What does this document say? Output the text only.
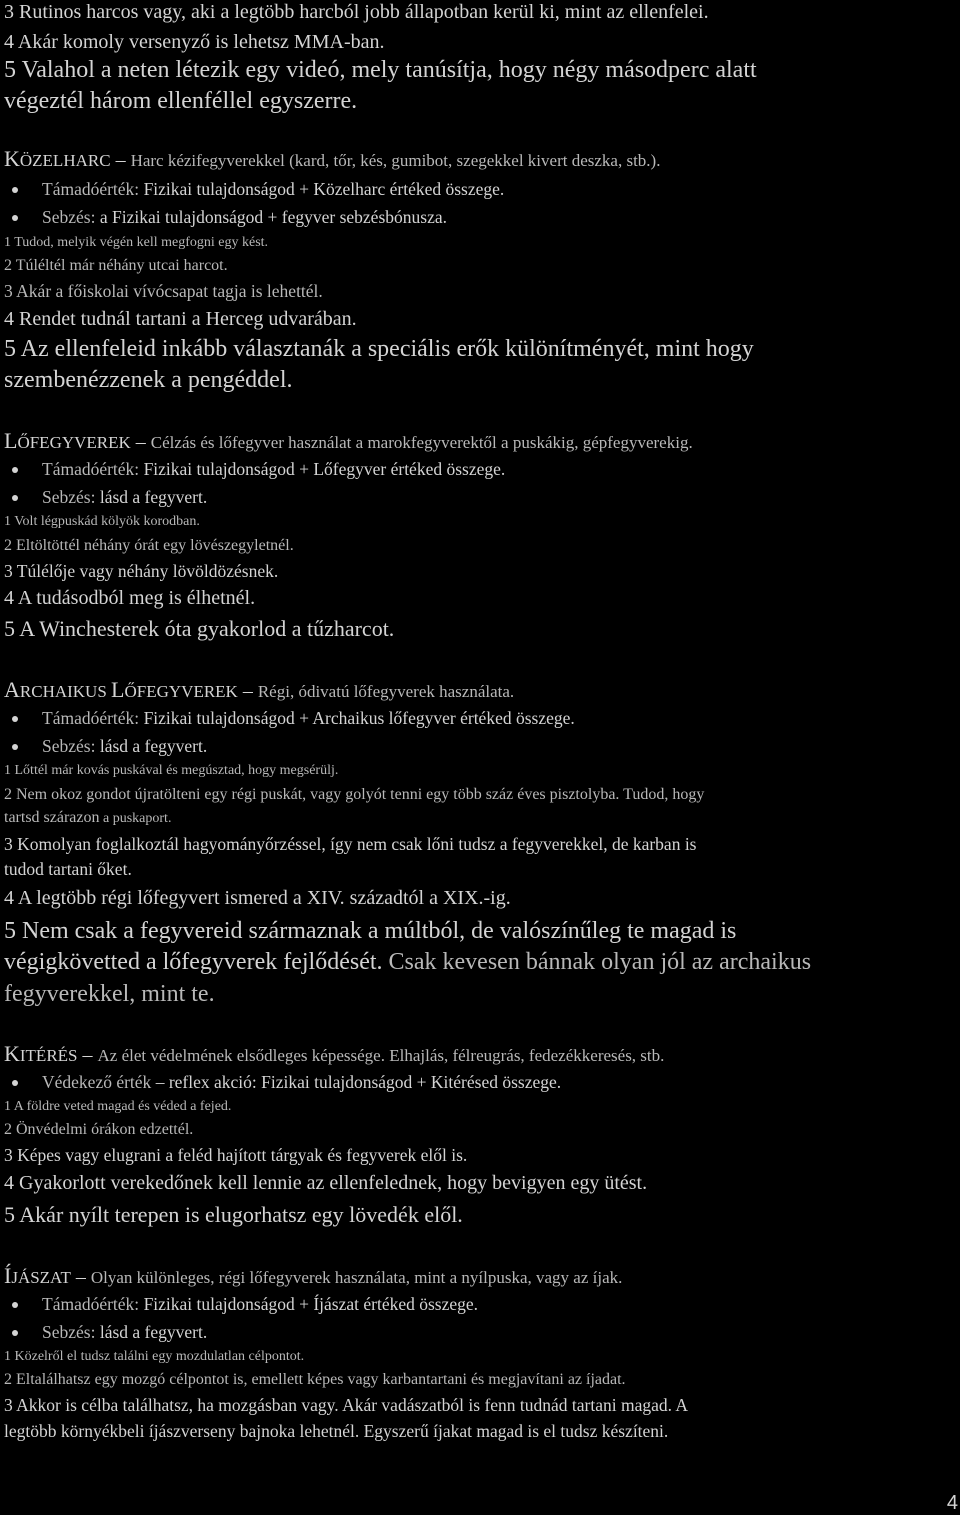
3 Rutinos harcos vagy, aki a legtöbb harcból jobb állapotban kerül ki, mint az ellenfelei.
4 Akár komoly versenyző is lehetsz MMA-ban.
5 Valahol a neten létezik egy videó, mely tanúsítja, hogy négy másodperc alatt
végeztél három ellenféllel egyszerre.
KÖZELHARC – Harc kézifegyverekkel (kard, tőr, kés, gumibot, szegekkel kivert deszka, stb.).
Támadóérték: Fizikai tulajdonságod + Közelharc értéked összege.
Sebzés: a Fizikai tulajdonságod + fegyver sebzésbónusza.
1 Tudod, melyik végén kell megfogni egy kést.
2 Túléltél már néhány utcai harcot.
3 Akár a főiskolai vívócsapat tagja is lehettél.
4 Rendet tudnál tartani a Herceg udvarában.
5 Az ellenfeleid inkább választanák a speciális erők különítményét, mint hogy
szembenézzenek a pengéddel.
LŐFEGYVEREK – Célzás és lőfegyver használat a marokfegyverektől a puskákig, gépfegyverekig.
Támadóérték: Fizikai tulajdonságod + Lőfegyver értéked összege.
Sebzés: lásd a fegyvert.
1 Volt légpuskád kölyök korodban.
2 Eltöltöttél néhány órát egy lövészegyletnél.
3 Túlélője vagy néhány lövöldözésnek.
4 A tudásodból meg is élhetnél.
5 A Winchesterek óta gyakorlod a tűzharcot.
ARCHAIKUS LŐFEGYVEREK – Régi, ódivatú lőfegyverek használata.
Támadóérték: Fizikai tulajdonságod + Archaikus lőfegyver értéked összege.
Sebzés: lásd a fegyvert.
1 Lőttél már kovás puskával és megúsztad, hogy megsérülj.
2 Nem okoz gondot újratölteni egy régi puskát, vagy golyót tenni egy több száz éves pisztolyba. Tudod, hogy
tartsd szárazon a puskaport.
3 Komolyan foglalkoztál hagyományőrzéssel, így nem csak lőni tudsz a fegyverekkel, de karban is
tudod tartani őket.
4 A legtöbb régi lőfegyvert ismered a XIV. századtól a XIX.-ig.
5 Nem csak a fegyvereid származnak a múltból, de valószínűleg te magad is
végigkövetted a lőfegyverek fejlődését. Csak kevesen bánnak olyan jól az archaikus
fegyverekkel, mint te.
KITÉRÉS – Az élet védelmének elsődleges képessége. Elhajlás, félreugrás, fedezékkeresés, stb.
Védekező érték – reflex akció: Fizikai tulajdonságod + Kitérésed összege.
1 A földre veted magad és véded a fejed.
2 Önvédelmi órákon edzettél.
3 Képes vagy elugrani a feléd hajított tárgyak és fegyverek elől is.
4 Gyakorlott verekedőnek kell lennie az ellenfelednek, hogy bevigyen egy ütést.
5 Akár nyílt terepen is elugorhatsz egy lövedék elől.
ÍJÁSZAT – Olyan különleges, régi lőfegyverek használata, mint a nyílpuska, vagy az íjak.
Támadóérték: Fizikai tulajdonságod + Íjászat értéked összege.
Sebzés: lásd a fegyvert.
1 Közelről el tudsz találni egy mozdulatlan célpontot.
2 Eltalálhatsz egy mozgó célpontot is, emellett képes vagy karbantartani és megjavítani az íjadat.
3 Akkor is célba találhatsz, ha mozgásban vagy. Akár vadászatból is fenn tudnád tartani magad. A
legtöbb környékbeli íjászverseny bajnoka lehetnél. Egyszerű íjakat magad is el tudsz készíteni.
4
